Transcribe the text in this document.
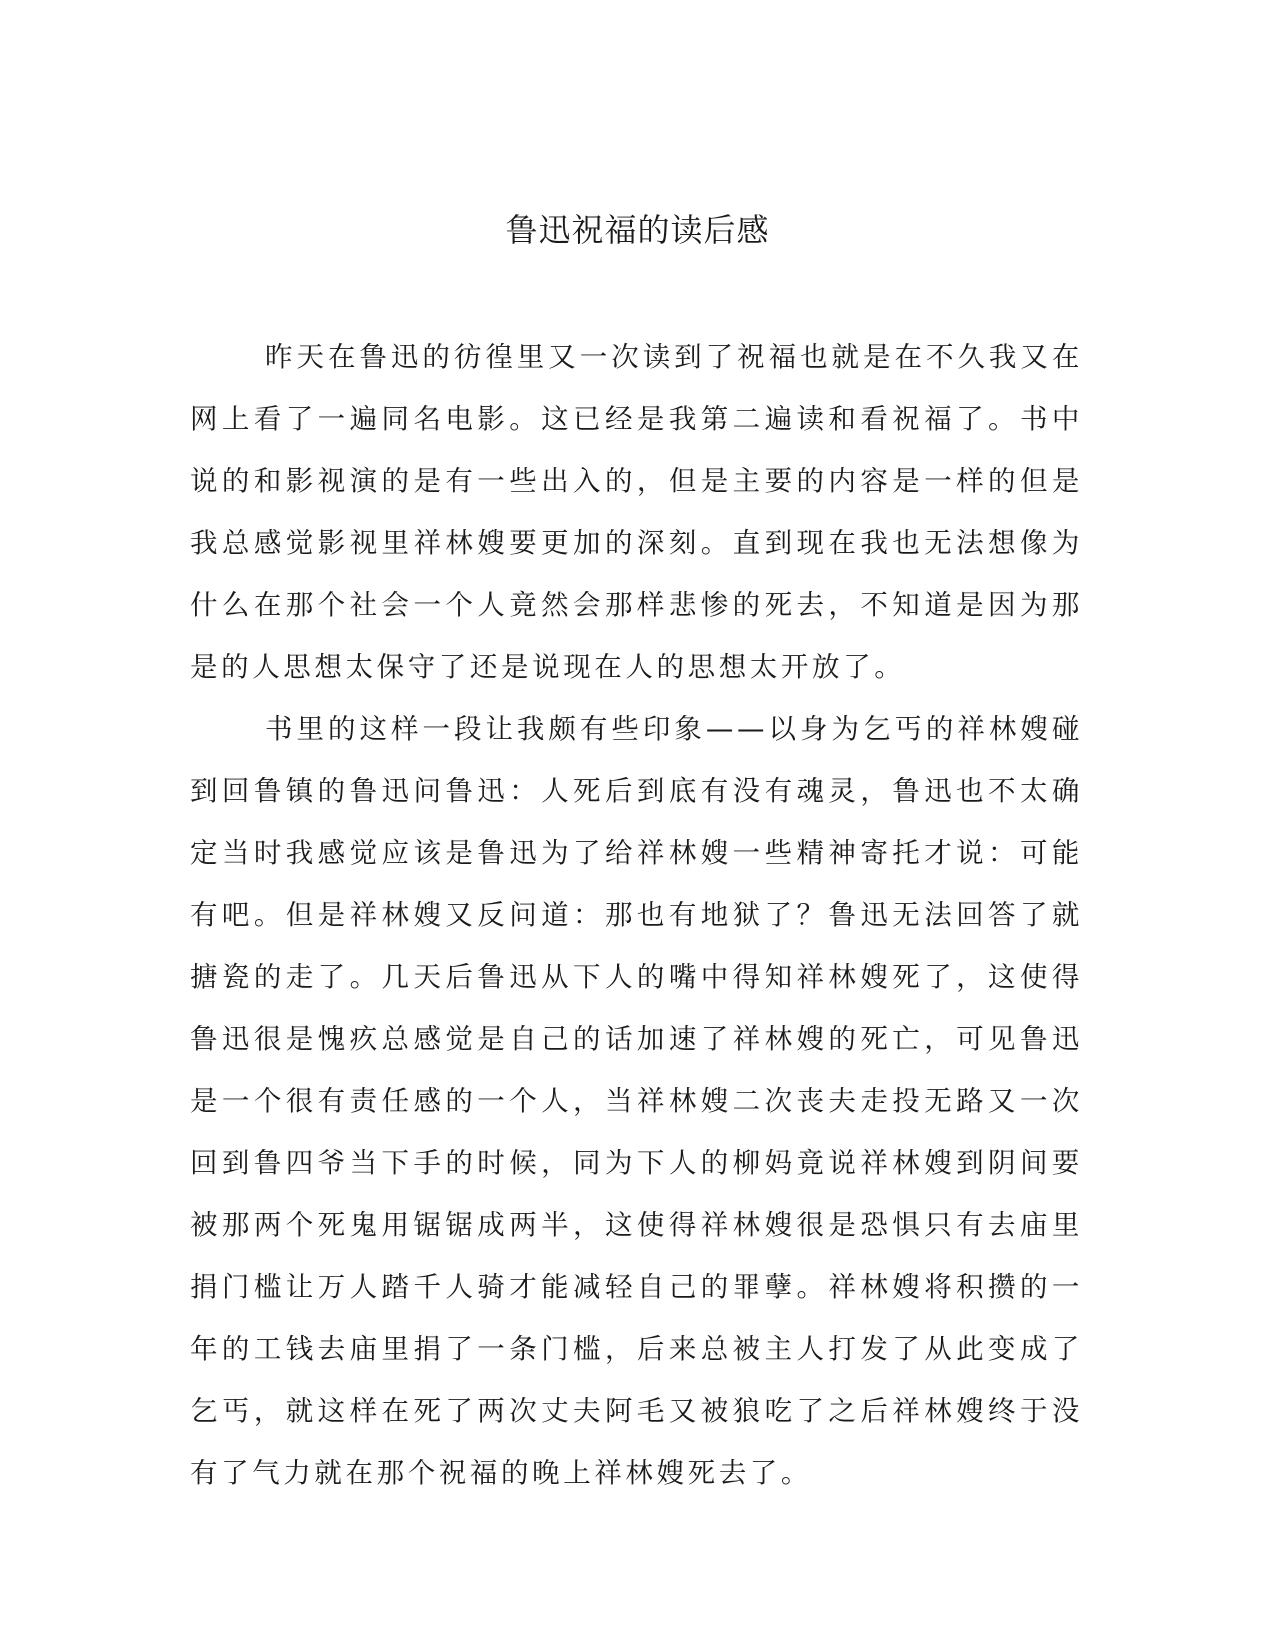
鲁迅祝福的读后感

昨天在鲁迅的彷徨里又一次读到了祝福也就是在不久我又在网上看了一遍同名电影。这已经是我第二遍读和看祝福了。书中说的和影视演的是有一些出入的，但是主要的内容是一样的但是我总感觉影视里祥林嫂要更加的深刻。直到现在我也无法想像为什么在那个社会一个人竟然会那样悲惨的死去，不知道是因为那是的人思想太保守了还是说现在人的思想太开放了。

书里的这样一段让我颇有些印象——以身为乞丐的祥林嫂碰到回鲁镇的鲁迅问鲁迅：人死后到底有没有魂灵，鲁迅也不太确定当时我感觉应该是鲁迅为了给祥林嫂一些精神寄托才说：可能有吧。但是祥林嫂又反问道：那也有地狱了？鲁迅无法回答了就搪瓷的走了。几天后鲁迅从下人的嘴中得知祥林嫂死了，这使得鲁迅很是愧疚总感觉是自己的话加速了祥林嫂的死亡，可见鲁迅是一个很有责任感的一个人，当祥林嫂二次丧夫走投无路又一次回到鲁四爷当下手的时候，同为下人的柳妈竟说祥林嫂到阴间要被那两个死鬼用锯锯成两半，这使得祥林嫂很是恐惧只有去庙里捐门槛让万人踏千人骑才能减轻自己的罪孽。祥林嫂将积攒的一年的工钱去庙里捐了一条门槛，后来总被主人打发了从此变成了乞丐，就这样在死了两次丈夫阿毛又被狼吃了之后祥林嫂终于没有了气力就在那个祝福的晚上祥林嫂死去了。
